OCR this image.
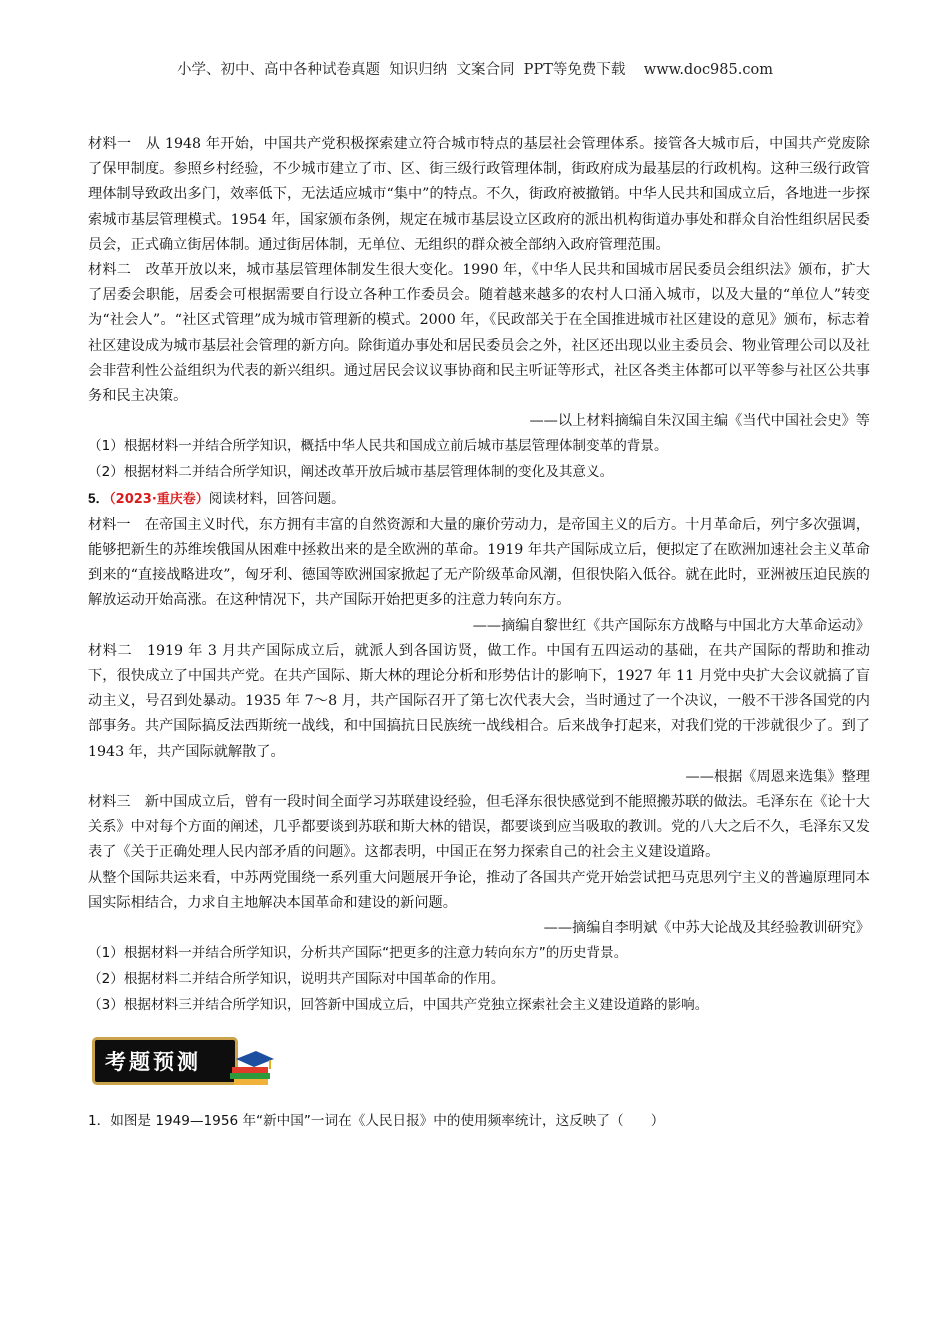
小学、初中、高中各种试卷真题  知识归纳  文案合同  PPT等免费下载    www.doc985.com

材料一　从 1948 年开始，中国共产党积极探索建立符合城市特点的基层社会管理体系。接管各大城市后，中国共产党废除了保甲制度。参照乡村经验，不少城市建立了市、区、街三级行政管理体制，街政府成为最基层的行政机构。这种三级行政管理体制导致政出多门，效率低下，无法适应城市“集中”的特点。不久，街政府被撤销。中华人民共和国成立后，各地进一步探索城市基层管理模式。1954 年，国家颁布条例，规定在城市基层设立区政府的派出机构街道办事处和群众自治性组织居民委员会，正式确立街居体制。通过街居体制，无单位、无组织的群众被全部纳入政府管理范围。

材料二　改革开放以来，城市基层管理体制发生很大变化。1990 年，《中华人民共和国城市居民委员会组织法》颁布，扩大了居委会职能，居委会可根据需要自行设立各种工作委员会。随着越来越多的农村人口涌入城市，以及大量的“单位人”转变为“社会人”。“社区式管理”成为城市管理新的模式。2000 年，《民政部关于在全国推进城市社区建设的意见》颁布，标志着社区建设成为城市基层社会管理的新方向。除街道办事处和居民委员会之外，社区还出现以业主委员会、物业管理公司以及社会非营利性公益组织为代表的新兴组织。通过居民会议议事协商和民主听证等形式，社区各类主体都可以平等参与社区公共事务和民主决策。

——以上材料摘编自朱汉国主编《当代中国社会史》等

（1）根据材料一并结合所学知识，概括中华人民共和国成立前后城市基层管理体制变革的背景。

（2）根据材料二并结合所学知识，阐述改革开放后城市基层管理体制的变化及其意义。

5．（2023·重庆卷）阅读材料，回答问题。

材料一　在帝国主义时代，东方拥有丰富的自然资源和大量的廉价劳动力，是帝国主义的后方。十月革命后，列宁多次强调，能够把新生的苏维埃俄国从困难中拯救出来的是全欧洲的革命。1919 年共产国际成立后，便拟定了在欧洲加速社会主义革命到来的“直接战略进攻”，匈牙利、德国等欧洲国家掀起了无产阶级革命风潮，但很快陷入低谷。就在此时，亚洲被压迫民族的解放运动开始高涨。在这种情况下，共产国际开始把更多的注意力转向东方。

——摘编自黎世红《共产国际东方战略与中国北方大革命运动》

材料二　1919 年 3 月共产国际成立后，就派人到各国访贤，做工作。中国有五四运动的基础，在共产国际的帮助和推动下，很快成立了中国共产党。在共产国际、斯大林的理论分析和形势估计的影响下，1927 年 11 月党中央扩大会议就搞了盲动主义，号召到处暴动。1935 年 7～8 月，共产国际召开了第七次代表大会，当时通过了一个决议，一般不干涉各国党的内部事务。共产国际搞反法西斯统一战线，和中国搞抗日民族统一战线相合。后来战争打起来，对我们党的干涉就很少了。到了 1943 年，共产国际就解散了。

——根据《周恩来选集》整理

材料三　新中国成立后，曾有一段时间全面学习苏联建设经验，但毛泽东很快感觉到不能照搬苏联的做法。毛泽东在《论十大关系》中对每个方面的阐述，几乎都要谈到苏联和斯大林的错误，都要谈到应当吸取的教训。党的八大之后不久，毛泽东又发表了《关于正确处理人民内部矛盾的问题》。这都表明，中国正在努力探索自己的社会主义建设道路。

从整个国际共运来看，中苏两党围绕一系列重大问题展开争论，推动了各国共产党开始尝试把马克思列宁主义的普遍原理同本国实际相结合，力求自主地解决本国革命和建设的新问题。

——摘编自李明斌《中苏大论战及其经验教训研究》

（1）根据材料一并结合所学知识，分析共产国际“把更多的注意力转向东方”的历史背景。

（2）根据材料二并结合所学知识，说明共产国际对中国革命的作用。

（3）根据材料三并结合所学知识，回答新中国成立后，中国共产党独立探索社会主义建设道路的影响。

考题预测

1．如图是 1949—1956 年“新中国”一词在《人民日报》中的使用频率统计，这反映了（　　）
